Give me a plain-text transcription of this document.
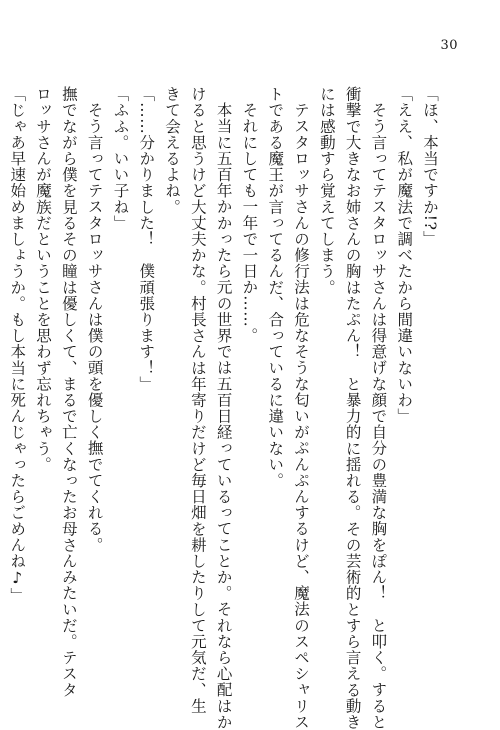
30
「ほ、本当ですか!?」
「ええ、私が魔法で調べたから間違いないわ」
そう言ってテスタロッサさんは得意げな顔で自分の豊満な胸をぽん！　と叩く。すると
衝撃で大きなお姉さんの胸はたぷん！　と暴力的に揺れる。その芸術的とすら言える動き
には感動すら覚えてしまう。
テスタロッサさんの修行法は危なそうな匂いがぷんぷんするけど、魔法のスペシャリス
トである魔王が言ってるんだ、合っているに違いない。
それにしても一年で一日か……。
本当に五百年かかったら元の世界では五百日経っているってことか。それなら心配はか
けると思うけど大丈夫かな。村長さんは年寄りだけど毎日畑を耕したりして元気だ、生
きて会えるよね。
「……分かりました！　僕頑張ります！」
「ふふ。いい子ね」
そう言ってテスタロッサさんは僕の頭を優しく撫でてくれる。
撫でながら僕を見るその瞳は優しくて、まるで亡くなったお母さんみたいだ。テスタ
ロッサさんが魔族だということを思わず忘れちゃう。
「じゃあ早速始めましょうか。もし本当に死んじゃったらごめんね♪」
